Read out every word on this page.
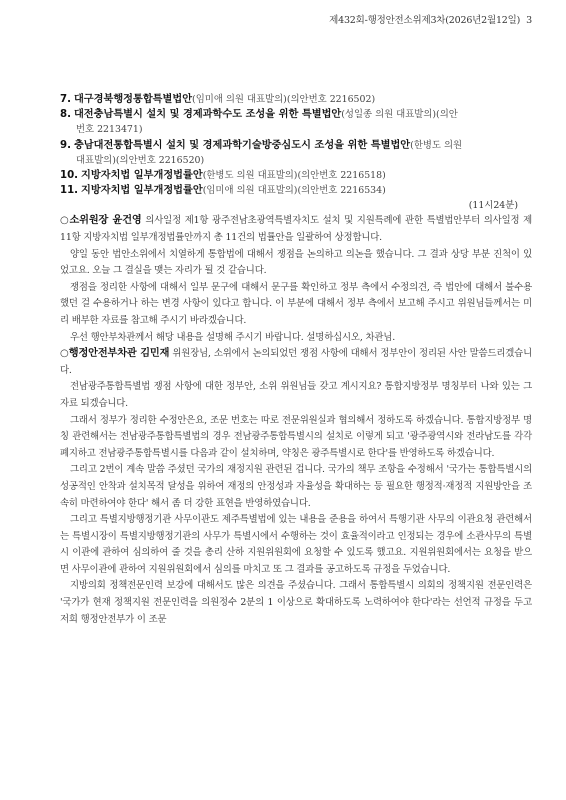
제432회-행정안전소위제3차(2026년2월12일) 3
7. 대구경북행정통합특별법안(임미애 의원 대표발의)(의안번호 2216502)
8. 대전충남특별시 설치 및 경제과학수도 조성을 위한 특별법안(성일종 의원 대표발의)(의안
번호 2213471)
9. 충남대전통합특별시 설치 및 경제과학기술방중심도시 조성을 위한 특별법안(한병도 의원
대표발의)(의안번호 2216520)
10. 지방자치법 일부개정법률안(한병도 의원 대표발의)(의안번호 2216518)
11. 지방자치법 일부개정법률안(임미애 의원 대표발의)(의안번호 2216534)
(11시24분)

○소위원장 윤건영 의사일정 제1항 광주전남초광역특별자치도 설치 및 지원특례에 관한 특별법안부터 의사일정 제11항 지방자치법 일부개정법률안까지 총 11건의 법률안을 일괄하여 상정합니다.

양일 동안 법안소위에서 치열하게 통합법에 대해서 쟁점을 논의하고 의논을 했습니다. 그 결과 상당 부분 진척이 있었고요. 오늘 그 결실을 맺는 자리가 될 것 같습니다.

쟁점을 정리한 사항에 대해서 일부 문구에 대해서 문구를 확인하고 정부 측에서 수정의견, 즉 법안에 대해서 불수용했던 걸 수용하거나 하는 변경 사항이 있다고 합니다. 이 부분에 대해서 정부 측에서 보고해 주시고 위원님들께서는 미리 배부한 자료를 참고해 주시기 바라겠습니다.

우선 행안부차관께서 해당 내용을 설명해 주시기 바랍니다. 설명하십시오, 차관님.

○행정안전부차관 김민재 위원장님, 소위에서 논의되었던 쟁점 사항에 대해서 정부안이 정리된 사안 말씀드리겠습니다.

전남광주통합특별법 쟁점 사항에 대한 정부안, 소위 위원님들 갖고 계시지요? 통합지방정부 명칭부터 나와 있는 그 자료 되겠습니다.

그래서 정부가 정리한 수정안은요, 조문 번호는 따로 전문위원실과 협의해서 정하도록 하겠습니다. 통합지방정부 명칭 관련해서는 전남광주통합특별법의 경우 전남광주통합특별시의 설치로 이렇게 되고 '광주광역시와 전라남도를 각각 폐지하고 전남광주통합특별시를 다음과 같이 설치하며, 약칭은 광주특별시로 한다'를 반영하도록 하겠습니다.

그리고 2번이 계속 말씀 주셨던 국가의 재정지원 관련된 겁니다. 국가의 책무 조항을 수정해서 '국가는 통합특별시의 성공적인 안착과 설치목적 달성을 위하여 재정의 안정성과 자율성을 확대하는 등 필요한 행정적·재정적 지원방안을 조속히 마련하여야 한다' 해서 좀 더 강한 표현을 반영하였습니다.

그리고 특별지방행정기관 사무이관도 제주특별법에 있는 내용을 준용을 하여서 특행기관 사무의 이관요청 관련해서는 특별시장이 특별지방행정기관의 사무가 특별시에서 수행하는 것이 효율적이라고 인정되는 경우에 소관사무의 특별시 이관에 관하여 심의하여 줄 것을 총리 산하 지원위원회에 요청할 수 있도록 했고요. 지원위원회에서는 요청을 받으면 사무이관에 관하여 지원위원회에서 심의를 마치고 또 그 결과를 공고하도록 규정을 두었습니다.

지방의회 정책전문인력 보강에 대해서도 많은 의견을 주셨습니다. 그래서 통합특별시 의회의 정책지원 전문인력은 '국가가 현재 정책지원 전문인력을 의원정수 2분의 1 이상으로 확대하도록 노력하여야 한다'라는 선언적 규정을 두고 저희 행정안전부가 이 조문
